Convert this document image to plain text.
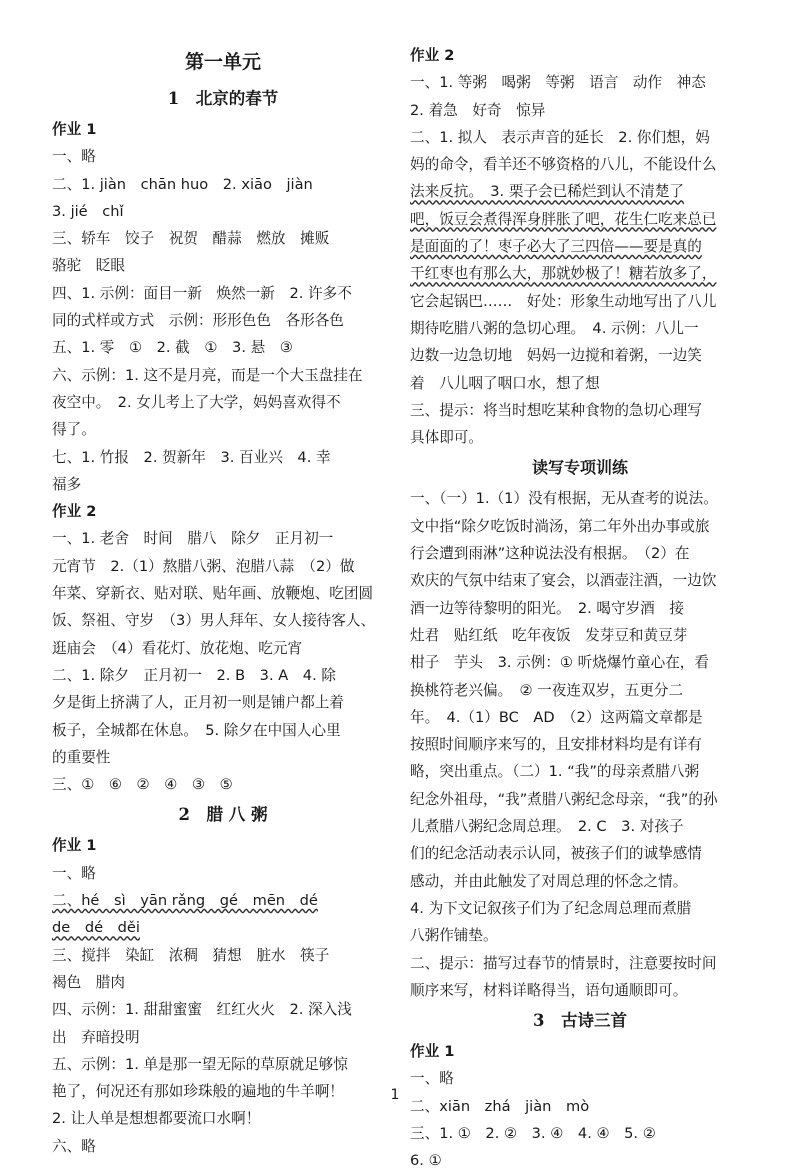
第一单元
1　北京的春节
作业 1
一、略
二、1. jiàn　chān huo　2. xiāo　jiàn
3. jié　chǐ
三、轿车　饺子　祝贺　醋蒜　燃放　摊贩
骆驼　眨眼
四、1. 示例：面目一新　焕然一新　2. 许多不
同的式样或方式　示例：形形色色　各形各色
五、1. 零　①　2. 截　①　3. 悬　③
六、示例：1. 这不是月亮，而是一个大玉盘挂在
夜空中。　2. 女儿考上了大学，妈妈喜欢得不
得了。
七、1. 竹报　2. 贺新年　3. 百业兴　4. 幸
福多
作业 2
一、1. 老舍　时间　腊八　除夕　正月初一
元宵节　2.（1）熬腊八粥、泡腊八蒜　（2）做
年菜、穿新衣、贴对联、贴年画、放鞭炮、吃团圆
饭、祭祖、守岁　（3）男人拜年、女人接待客人、
逛庙会　（4）看花灯、放花炮、吃元宵
二、1. 除夕　正月初一　2. B　3. A　4. 除
夕是街上挤满了人，正月初一则是铺户都上着
板子，全城都在休息。　5. 除夕在中国人心里
的重要性
三、①　⑥　②　④　③　⑤
2　腊 八 粥
作业 1
一、略
二、hé　sì　yān rǎng　gé　mēn　dé
de　dé　děi
三、搅拌　染缸　浓稠　猜想　脏水　筷子
褐色　腊肉
四、示例：1. 甜甜蜜蜜　红红火火　2. 深入浅
出　弃暗投明
五、示例：1. 单是那一望无际的草原就足够惊
艳了，何况还有那如珍珠般的遍地的牛羊啊！
2. 让人单是想想都要流口水啊！
六、略
作业 2
一、1. 等粥　喝粥　等粥　语言　动作　神态
2. 着急　好奇　惊异
二、1. 拟人　表示声音的延长　2. 你们想，妈
妈的命令，看羊还不够资格的八儿，不能设什么
法来反抗。　3. 栗子会已稀烂到认不清楚了
吧，饭豆会煮得浑身胖胀了吧，花生仁吃来总已
是面面的了！枣子必大了三四倍——要是真的
干红枣也有那么大，那就妙极了！糖若放多了，
它会起锅巴……　好处：形象生动地写出了八儿
期待吃腊八粥的急切心理。　4. 示例：八儿一
边数一边急切地　妈妈一边搅和着粥，一边笑
着　八儿咽了咽口水，想了想
三、提示：将当时想吃某种食物的急切心理写
具体即可。
读写专项训练
一、（一）1.（1）没有根据，无从查考的说法。
文中指“除夕吃饭时淌汤，第二年外出办事或旅
行会遭到雨淋”这种说法没有根据。　（2）在
欢庆的气氛中结束了宴会，以酒壶注酒，一边饮
酒一边等待黎明的阳光。　2. 喝守岁酒　接
灶君　贴红纸　吃年夜饭　发芽豆和黄豆芽
柑子　芋头　3. 示例：① 听烧爆竹童心在，看
换桃符老兴偏。　② 一夜连双岁，五更分二
年。　4.（1）BC　AD　（2）这两篇文章都是
按照时间顺序来写的，且安排材料均是有详有
略，突出重点。（二）1. “我”的母亲煮腊八粥
纪念外祖母，“我”煮腊八粥纪念母亲，“我”的孙
儿煮腊八粥纪念周总理。　2. C　3. 对孩子
们的纪念活动表示认同，被孩子们的诚挚感情
感动，并由此触发了对周总理的怀念之情。
4. 为下文记叙孩子们为了纪念周总理而煮腊
八粥作铺垫。
二、提示：描写过春节的情景时，注意要按时间
顺序来写，材料详略得当，语句通顺即可。
3　古诗三首
作业 1
一、略
二、xiān　zhá　jiàn　mò
三、1. ①　2. ②　3. ④　4. ④　5. ②
6. ①
1
